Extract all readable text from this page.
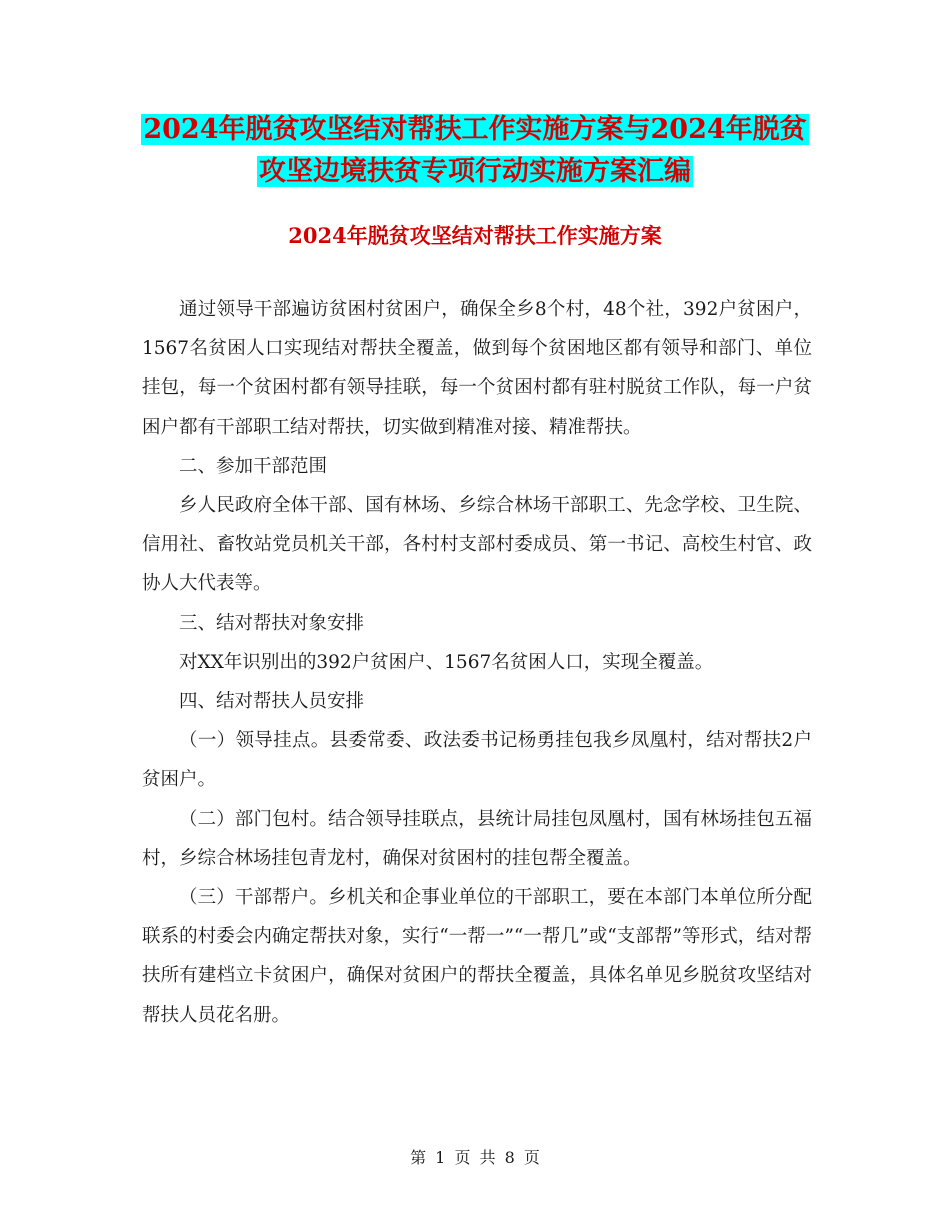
2024年脱贫攻坚结对帮扶工作实施方案与2024年脱贫
攻坚边境扶贫专项行动实施方案汇编
2024年脱贫攻坚结对帮扶工作实施方案

通过领导干部遍访贫困村贫困户，确保全乡8个村，48个社，392户贫困户，1567名贫困人口实现结对帮扶全覆盖，做到每个贫困地区都有领导和部门、单位挂包，每一个贫困村都有领导挂联，每一个贫困村都有驻村脱贫工作队，每一户贫困户都有干部职工结对帮扶，切实做到精准对接、精准帮扶。

二、参加干部范围

乡人民政府全体干部、国有林场、乡综合林场干部职工、先念学校、卫生院、信用社、畜牧站党员机关干部，各村村支部村委成员、第一书记、高校生村官、政协人大代表等。

三、结对帮扶对象安排

对XX年识别出的392户贫困户、1567名贫困人口，实现全覆盖。

四、结对帮扶人员安排

（一）领导挂点。县委常委、政法委书记杨勇挂包我乡凤凰村，结对帮扶2户贫困户。

（二）部门包村。结合领导挂联点，县统计局挂包凤凰村，国有林场挂包五福村，乡综合林场挂包青龙村，确保对贫困村的挂包帮全覆盖。

（三）干部帮户。乡机关和企事业单位的干部职工，要在本部门本单位所分配联系的村委会内确定帮扶对象，实行“一帮一”“一帮几”或“支部帮”等形式，结对帮扶所有建档立卡贫困户，确保对贫困户的帮扶全覆盖，具体名单见乡脱贫攻坚结对帮扶人员花名册。

第 1 页 共 8 页
